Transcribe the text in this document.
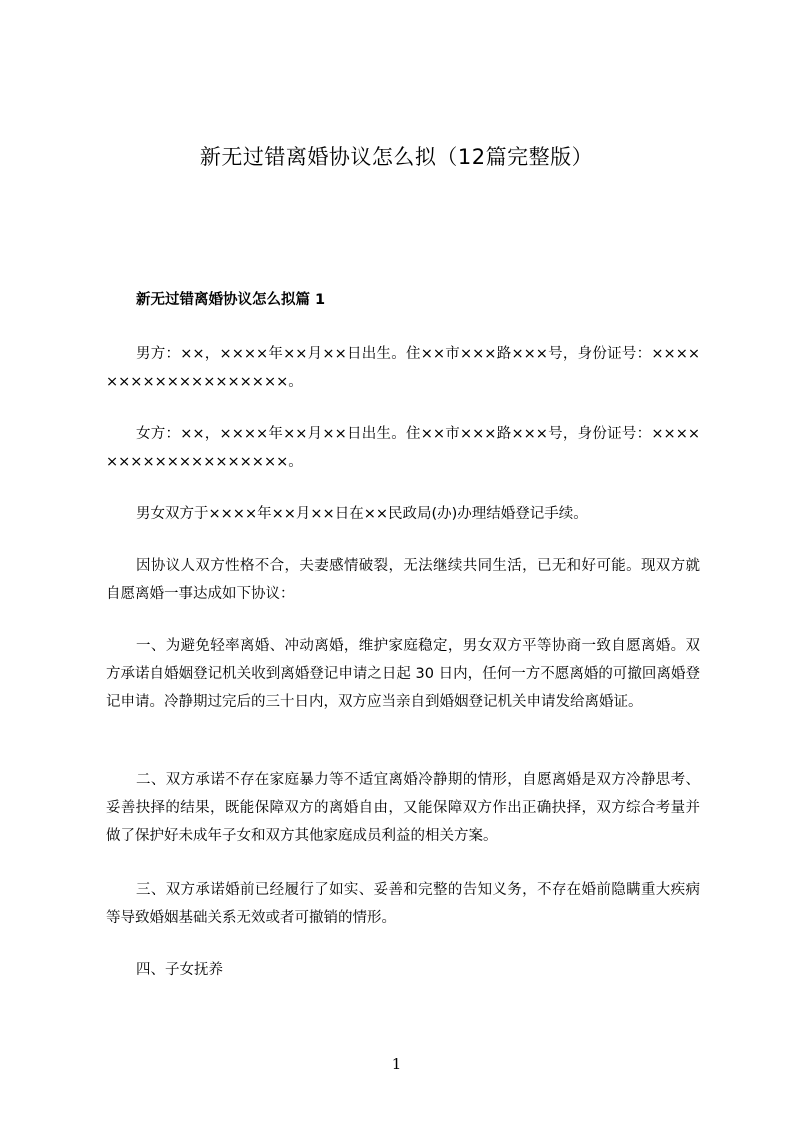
新无过错离婚协议怎么拟（12篇完整版）
新无过错离婚协议怎么拟篇 1

男方：××，××××年××月××日出生。住××市×××路×××号，身份证号：×××××××××××××××××××。

女方：××，××××年××月××日出生。住××市×××路×××号，身份证号：×××××××××××××××××××。

男女双方于××××年××月××日在××民政局(办)办理结婚登记手续。

因协议人双方性格不合，夫妻感情破裂，无法继续共同生活，已无和好可能。现双方就自愿离婚一事达成如下协议：

一、为避免轻率离婚、冲动离婚，维护家庭稳定，男女双方平等协商一致自愿离婚。双方承诺自婚姻登记机关收到离婚登记申请之日起 30 日内，任何一方不愿离婚的可撤回离婚登记申请。冷静期过完后的三十日内，双方应当亲自到婚姻登记机关申请发给离婚证。

二、双方承诺不存在家庭暴力等不适宜离婚冷静期的情形，自愿离婚是双方冷静思考、妥善抉择的结果，既能保障双方的离婚自由，又能保障双方作出正确抉择，双方综合考量并做了保护好未成年子女和双方其他家庭成员利益的相关方案。

三、双方承诺婚前已经履行了如实、妥善和完整的告知义务，不存在婚前隐瞒重大疾病等导致婚姻基础关系无效或者可撤销的情形。

四、子女抚养

1
